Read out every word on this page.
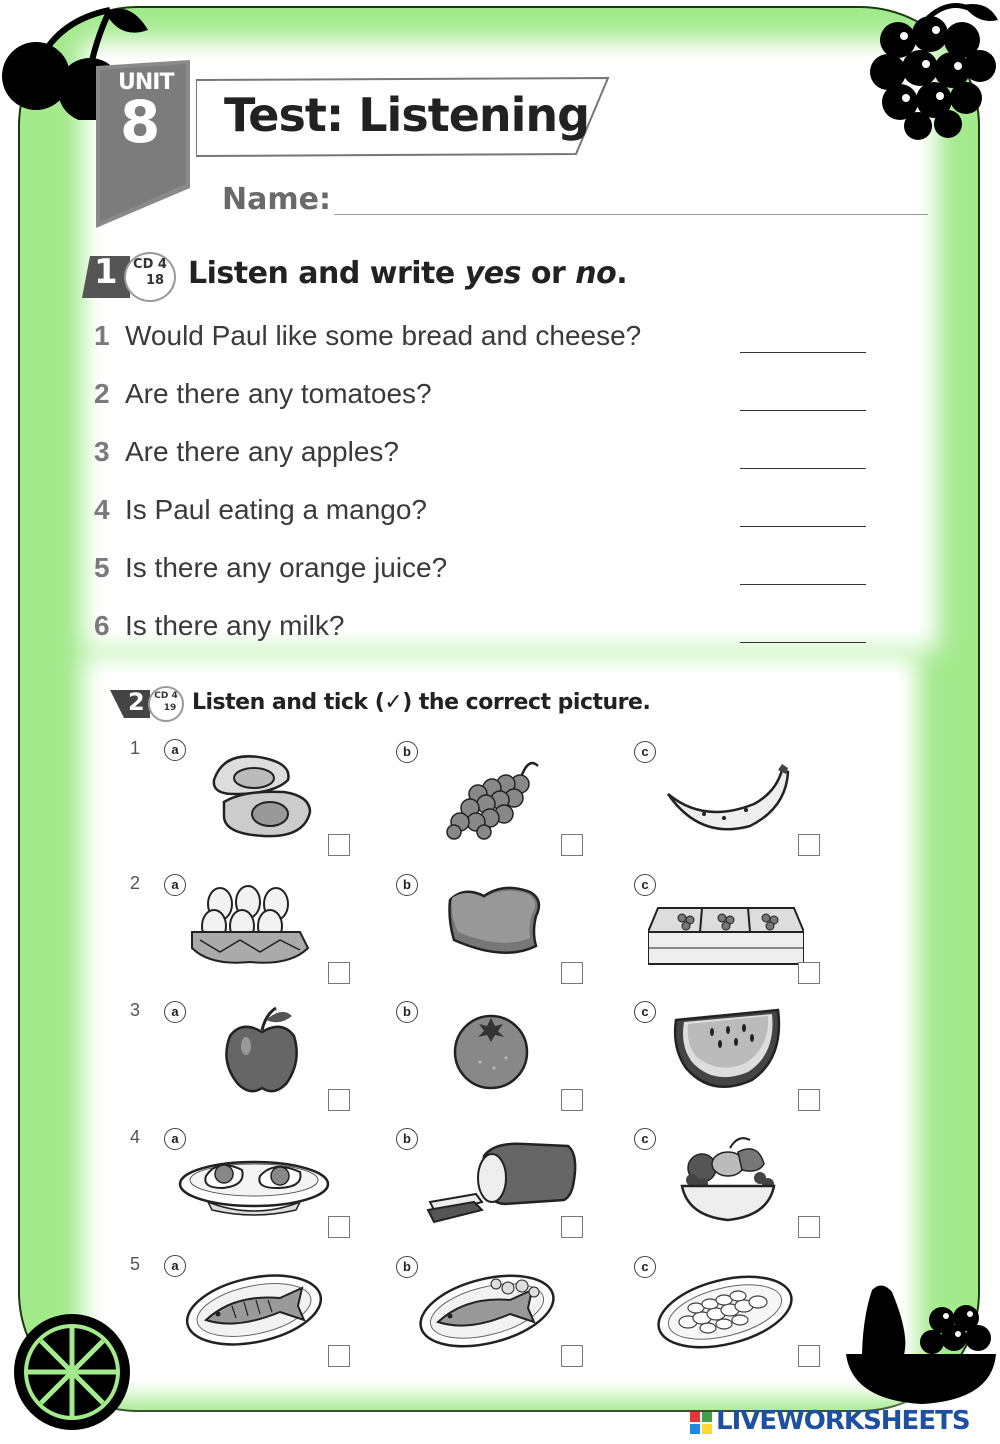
UNIT
8 Test: Listening
Name:
1	CD 4
18 Listen and write yes or no.
1 Would Paul like some bread and cheese?
2 Are there any tomatoes?
3 Are there any apples?
4 Is Paul eating a mango?
5 Is there any orange juice?
6 Is there any milk?
2	CD 4
19 Listen and tick (✓) the correct picture.
1	a	b	c
2	a	b	c
3	a	b	c
4	a	b	c
5	a	b	c
LIVEWORKSHEETS
